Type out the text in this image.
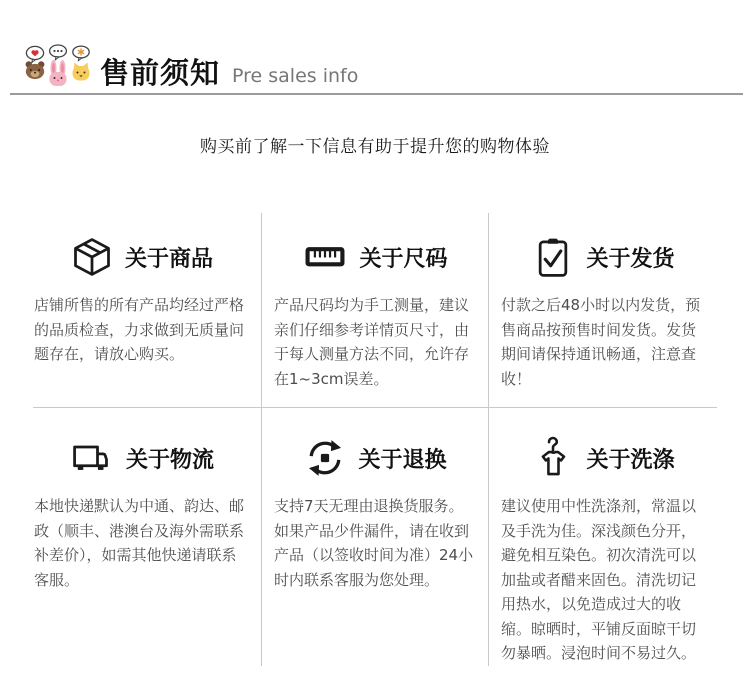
售前须知 Pre sales info

购买前了解一下信息有助于提升您的购物体验

关于商品

店铺所售的所有产品均经过严格的品质检查，力求做到无质量问题存在，请放心购买。

关于尺码

产品尺码均为手工测量，建议亲们仔细参考详情页尺寸，由于每人测量方法不同，允许存在1~3cm误差。

关于发货

付款之后48小时以内发货，预售商品按预售时间发货。发货期间请保持通讯畅通，注意查收！

关于物流

本地快递默认为中通、韵达、邮政（顺丰、港澳台及海外需联系补差价），如需其他快递请联系客服。

关于退换

支持7天无理由退换货服务。如果产品少件漏件，请在收到产品（以签收时间为准）24小时内联系客服为您处理。

关于洗涤

建议使用中性洗涤剂，常温以及手洗为佳。深浅颜色分开，避免相互染色。初次清洗可以加盐或者醋来固色。清洗切记用热水，以免造成过大的收缩。晾晒时，平铺反面晾干切勿暴晒。浸泡时间不易过久。
